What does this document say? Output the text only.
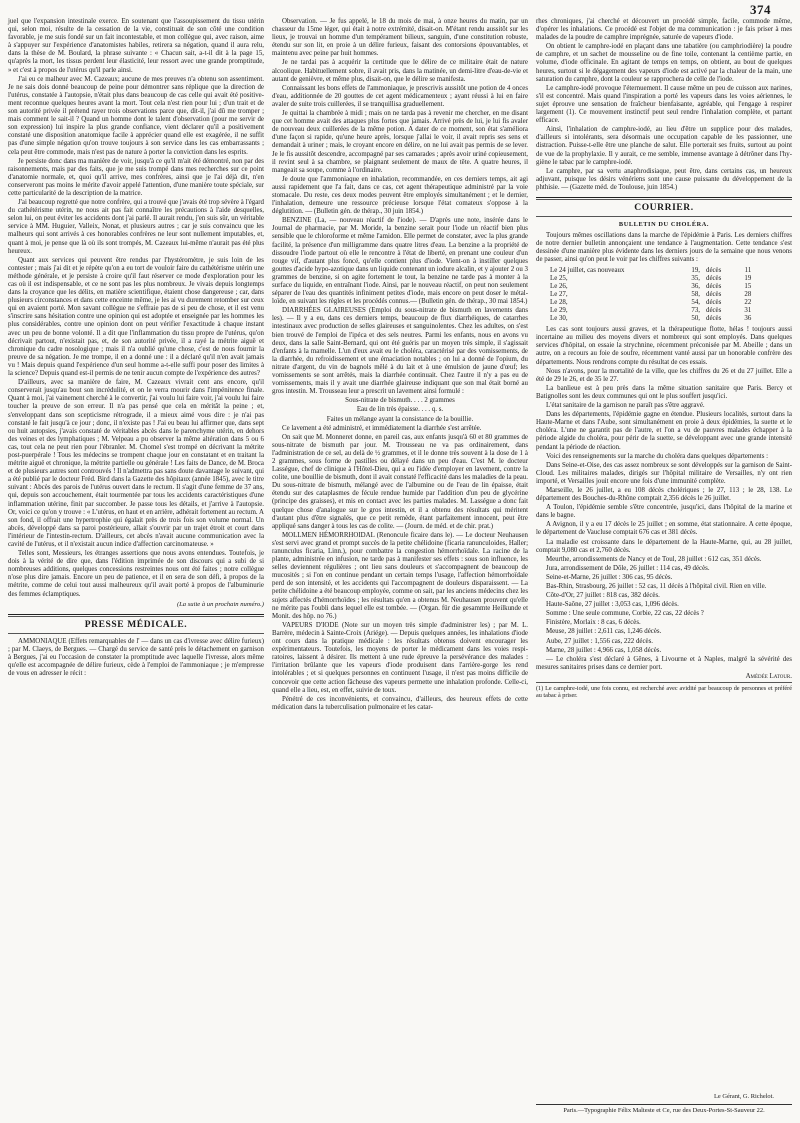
374

juel que l'expansion intestinale exerce. En soutenant que l'assoupissement du tissu utérin qui, selon moi, résulte de la cessation de la vie, constituait de son côté une condition favorable, je me suis fondé sur un fait incontestable, et mon collègue qui, avec raison, aime à s'appuyer sur l'expérience d'anatomistes habiles, retirera sa négation, quand il aura relu, dans la thèse de M. Boulard, la phrase suivante : « Chacun sait, a-t-il dit à la page 15, qu'après la mort, les tissus perdent leur élasticité, leur ressort avec une grande promptitude, » et c'est à propos de l'utérus qu'il parle ainsi.

J'ai eu ce malheur avec M. Cazeaux; aucune de mes preuves n'a obtenu son assentiment. Je ne sais dois donné beaucoup de peine pour démontrer sans réplique que la direction de l'utérus, constatée à l'autopsie, n'était plus dans beaucoup de cas celle qui avait été positivement reconnue quelques heures avant la mort. Tout cela n'est rien pour lui ; d'un trait et de son autorité privée il prétend rayer trois observations parce que, dit-il, j'ai dû me tromper ; mais comment le sait-il ? Quand un homme dont le talent d'observation (pour me servir de son expression) lui inspire la plus grande confiance, vient déclarer qu'il a positivement constaté une disposition anatomique facile à apprécier quand elle est exagérée, il ne suffit pas d'une simple négation qu'on trouve toujours à son service dans les cas embarrassants ; cela peut être commode, mais n'est pas de nature à porter la conviction dans les esprits.

Je persiste donc dans ma manière de voir, jusqu'à ce qu'il m'ait été démontré, non par des raisonnements, mais par des faits, que je me suis trompé dans mes recherches sur ce point d'anatomie normale, et, quoi qu'il arrive, mes confrères, ainsi que je l'ai déjà dit, n'en conserveront pas moins le mérite d'avoir appelé l'attention, d'une manière toute spéciale, sur cette particularité de la description de la matrice.

J'ai beaucoup regretté que notre confrère, qui a trouvé que j'avais été trop sévère à l'égard du cathétérisme utérin, ne nous ait pas fait connaître les précautions à l'aide desquelles, selon lui, on peut éviter les accidents dont j'ai parlé. Il aurait rendu, j'en suis sûr, un véritable service à MM. Huguier, Valleix, Nonat, et plusieurs autres ; car je suis convaincu que les malheurs qui sont arrivés à ces honorables confrères ne leur sont nullement imputables, et, quant à moi, je pense que là où ils sont trompés, M. Cazeaux lui-même n'aurait pas été plus heureux.

Quant aux services qui peuvent être rendus par l'hystéromètre, je suis loin de les contester ; mais j'ai dit et je répète qu'on a eu tort de vouloir faire du cathétérisme utérin une méthode générale, et je persiste à croire qu'il faut réserver ce mode d'exploration pour les cas où il est indispensable, et ce ne sont pas les plus nombreux. Je vivais depuis longtemps dans la croyance que les délits, en matière scientifique, étaient chose dangereuse ; car, dans plusieurs circonstances et dans cette enceinte même, je les ai vu durement retomber sur ceux qui en avaient porté. Mon savant collègue ne s'effraie pas de si peu de chose, et il est venu s'inscrire sans hésitation contre une opinion qui est adoptée et enseignée par les hommes les plus considérables, contre une opinion dont on peut vérifier l'exactitude à chaque instant avec un peu de bonne volonté. Il a dit que l'inflammation du tissu propre de l'utérus, qu'on décrivait partout, n'existait pas, et, de son autorité privée, il a rayé la métrite aiguë et chronique du cadre nosologique ; mais il n'a oublié qu'une chose, c'est de nous fournir la preuve de sa négation. Je me trompe, il en a donné une : il a déclaré qu'il n'en avait jamais vu ! Mais depuis quand l'expérience d'un seul homme a-t-elle suffi pour poser des limites à la science? Depuis quand est-il permis de ne tenir aucun compte de l'expérience des autres?

D'ailleurs, avec sa manière de faire, M. Cazeaux vivrait cent ans encore, qu'il conserverait jusqu'au bout son incrédulité, et on le verra mourir dans l'impénitence finale. Quant à moi, j'ai vainement cherché à le convertir, j'ai voulu lui faire voir, j'ai voulu lui faire toucher la preuve de son erreur. Il n'a pas pensé que cela en méritât la peine ; et, s'enveloppant dans son scepticisme rétrograde, il a mieux aimé vous dire : je n'ai pas constaté le fait jusqu'à ce jour ; donc, il n'existe pas ! J'ai eu beau lui affirmer que, dans sept ou huit autopsies, j'avais constaté de véritables abcès dans le parenchyme utérin, en dehors des veines et des lymphatiques ; M. Velpeau a pu observer la même altération dans 5 ou 6 cas, tout cela ne peut rien pour l'ébranler. M. Chomel s'est trompé en décrivant la métrite post-puerpérale ! Tous les médecins se trompent chaque jour en constatant et en traitant la métrite aiguë et chronique, la métrite partielle ou générale ! Les faits de Dance, de M. Broca et de plusieurs autres sont controuvés ! Il n'admettra pas sans doute davantage le suivant, qui a été publié par le docteur Fréd. Bird dans la Gazette des hôpitaux (année 1845), avec le titre suivant : Abcès des parois de l'utérus ouvert dans le rectum. Il s'agit d'une femme de 37 ans, qui, depuis son accouchement, était tourmentée par tous les accidents caractéristiques d'une inflammation utérine, finit par succomber. Je passe tous les détails, et j'arrive à l'autopsie. Or, voici ce qu'on y trouve : « L'utérus, en haut et en arrière, adhérait fortement au rectum. A son fond, il offrait une hypertrophie qui égalait près de trois fois son volume normal. Un abcès, développé dans sa paroi postérieure, allait s'ouvrir par un trajet étroit et court dans l'intérieur de l'intestin-rectum. D'ailleurs, cet abcès n'avait aucune communication avec la cavité de l'utérus, et il n'existait aucun indice d'affection carcinomateuse. »

Telles sont, Messieurs, les étranges assertions que nous avons entendues. Toutefois, je dois à la vérité de dire que, dans l'édition imprimée de son discours qui a subi de si nombreuses additions, quelques concessions restreintes nous ont été faites ; notre collègue n'ose plus dire jamais. Encore un peu de patience, et il en sera de son défi, à propos de la métrite, comme de celui tout aussi malheureux qu'il avait porté à propos de l'albuminurie des femmes éclamptiques.

(La suite à un prochain numéro.)
PRESSE MÉDICALE.

AMMONIAQUE (Effets remarquables de l' — dans un cas d'ivresse avec délire furieux) ; par M. Claeys, de Bergues. — Chargé du service de santé près le détachement en garnison à Bergues, j'ai eu l'occasion de constater la promptitude avec laquelle l'ivresse, alors même qu'elle est accompagnée de délire furieux, cède à l'emploi de l'ammoniaque ; je m'empresse de vous en adresser le récit :

Observation. — Je fus appelé, le 18 du mois de mai, à onze heures du matin, par un chasseur du 15me léger, qui était à notre extrémité, disait-on. M'étant rendu aussitôt sur les lieux, je trouvai un homme d'un tempérament bilieux, sanguin, d'une constitution robuste, étendu sur son lit, en proie à un délire furieux, faisant des contorsions épouvantables, et maintenu avec peine par huit hommes.

Je ne tardai pas à acquérir la certitude que le délire de ce militaire était de nature alcoolique. Habituellement sobre, il avait pris, dans la matinée, un demi-litre d'eau-de-vie et autant de genièvre, et même plus, disait-on, que le délire se manifesta.

Connaissant les bons effets de l'ammoniaque, je prescrivis aussitôt une potion de 4 onces d'eau, additionnée de 20 gouttes de cet agent médicamenteux ; ayant réussi à lui en faire avaler de suite trois cuillerées, il se tranquillisa graduellement.

Je quittai la chambrée à midi ; mais on ne tarda pas à revenir me chercher, en me disant que cet homme avait des attaques plus fortes que jamais. Arrivé près de lui, je lui fis avaler de nouveau deux cuillerées de la même potion. A dater de ce moment, son état s'améliora d'une façon si rapide, qu'une heure après, lorsque j'allai le voir, il avait repris ses sens et demandait à uriner ; mais, le croyant encore en délire, on ne lui avait pas permis de se lever. Je le fis aussitôt descendre, accompagné par ses camarades ; après avoir uriné copieusement, il revint seul à sa chambre, se plaignant seulement de maux de tête. A quatre heures, il mangeait sa soupe, comme à l'ordinaire.

Je doute que l'ammoniaque en inhalation, recommandée, en ces derniers temps, ait agi aussi rapidement que l'a fait, dans ce cas, cet agent thérapeutique administré par la voie stomacale. Du reste, ces deux modes peuvent être employés simultanément ; et le dernier, l'inhalation, demeure une ressource précieuse lorsque l'état comateux s'oppose à la déglutition. — (Bulletin gén. de thérap., 30 juin 1854.)

BENZINE (La, — nouveau réactif de l'iode). — D'après une note, insérée dans le Journal de pharmacie, par M. Moride, la benzine serait pour l'iode un réactif bien plus sensible que le chloroforme et même l'amidon. Elle permet de constater, avec la plus grande facilité, la présence d'un milligramme dans quatre litres d'eau. La benzine a la propriété de dissoudre l'iode partout où elle le rencontre à l'état de liberté, en prenant une couleur d'un rouge vif, d'autant plus foncé, qu'elle contient plus d'iode. Vient-on à instiller quelques gouttes d'acide hypo-azotique dans un liquide contenant un iodure alcalin, et y ajouter 2 ou 3 grammes de benzine, si on agite fortement le tout, la benzine ne tarde pas à monter à la surface du liquide, en entraînant l'iode. Ainsi, par le nouveau réactif, on peut non seulement séparer de l'eau des quantités infiniment petites d'iode, mais encore on peut doser le métalloïde, en suivant les règles et les procédés connus.— (Bulletin gén. de thérap., 30 mai 1854.)

DIARRHÉES GLAIREUSES (Emploi du sous-nitrate de bismuth en lavements dans les). — Il y a eu, dans ces derniers temps, beaucoup de flux diarrhéiques, de catarrhes intestinaux avec production de selles glaireuses et sanguinolentes. Chez les adultes, on s'est bien trouvé de l'emploi de l'ipéca et des sels neutres. Parmi les enfants, nous en avons vu deux, dans la salle Saint-Bernard, qui ont été guéris par un moyen très simple, il s'agissait d'enfants à la mamelle. L'un d'eux avait eu le choléra, caractérisé par des vomissements, de la diarrhée, du refroidissement et une émaciation notables ; on lui a donné de l'opium, du nitrate d'argent, du vin de bagnols mêlé à du lait et à une émulsion de jaune d'œuf; les vomissements se sont arrêtés, mais la diarrhée continuait. Chez l'autre il n'y a pas eu de vomissements, mais il y avait une diarrhée glaireuse indiquant que son mal était borné au gros intestin. M. Trousseau leur a prescrit un lavement ainsi formulé :

Sous-nitrate de bismuth. . . . 2 grammes

Eau de lin très épaisse. . . . q. s.

Faites un mélange ayant la consistance de la bouillie.

Ce lavement a été administré, et immédiatement la diarrhée s'est arrêtée.

On sait que M. Monneret donne, en pareil cas, aux enfants jusqu'à 60 et 80 grammes de sous-nitrate de bismuth par jour. M. Trousseau ne va pas ordinairement, dans l'administration de ce sel, au delà de ½ grammes, et il le donne très souvent à la dose de 1 à 2 grammes, sous forme de pastilles ou délayé dans un peu d'eau. C'est M. le docteur Lasségue, chef de clinique à l'Hôtel-Dieu, qui a eu l'idée d'employer en lavement, contre la colite, une bouillie de bismuth, dont il avait constaté l'efficacité dans les maladies de la peau. Du sous-nitrate de bismuth, mélangé avec de l'albumine ou de l'eau de lin épaisse, était étendu sur des cataplasmes de fécule rendue humide par l'addition d'un peu de glycérine (principe des graisses), et mis en contact avec les parties malades. M. Lasségue a donc fait quelque chose d'analogue sur le gros intestin, et il a obtenu des résultats qui méritent d'autant plus d'être signalés, que ce petit remède, étant parfaitement innocent, peut être appliqué sans danger à tous les cas de colite. — (Journ. de méd. et de chir. prat.)

MOLLMEN HÉMORRHOIDAL (Renoncule ficaire dans le). — Le docteur Neuhausen s'est servi avec grand et prompt succès de la petite chélidoine (ficaria ranunculoides, Haller; ranunculus ficaria, Linn.), pour combattre la congestion hémorrhoïdale. La racine de la plante, administrée en infusion, ne tarde pas à manifester ses effets : sous son influence, les selles deviennent régulières ; ont lieu sans douleurs et s'accompagnent de beaucoup de mucosités ; si l'on en continue pendant un certain temps l'usage, l'affection hémorrhoïdale perd de son intensité, et les accidents qui l'accompagnent de douleurs disparaissent. — La petite chélidoine a été beaucoup employée, comme on sait, par les anciens médecins chez les sujets affectés d'hémorrhoïdes ; les résultats qu'en a obtenus M. Neuhausen prouvent qu'elle ne mérite pas l'oubli dans lequel elle est tombée. — (Organ. für die gesammte Heilkunde et Monit. des hôp. no 76.)

VAPEURS D'IODE (Note sur un moyen très simple d'administrer les) ; par M. L. Barrère, médecin à Sainte-Croix (Ariége). — Depuis quelques années, les inhalations d'iode ont cours dans la pratique médicale : les résultats obtenus doivent encourager les expérimentateurs. Toutefois, les moyens de porter le médicament dans les voies respiratoires, laissent à désirer. Ils mettent à une rude épreuve la persévérance des malades : l'irritation brûlante que les vapeurs d'iode produisent dans l'arrière-gorge les rend intolérables ; et si quelques personnes en continuent l'usage, il n'est pas moins difficile de concevoir que cette action fâcheuse des vapeurs permette une inhalation profonde. Celle-ci, quand elle a lieu, est, en effet, suivie de toux.

Pénétré de ces inconvénients, et convaincu, d'ailleurs, des heureux effets de cette médication dans la tuberculisation pulmonaire et les catar-

rhes chroniques, j'ai cherché et découvert un procédé simple, facile, commode même, d'opérer les inhalations. Ce procédé est l'objet de ma communication : je fais priser à mes malades de la poudre de camphre imprégnée, saturée de vapeurs d'iode.

On obtient le camphre-iodé en plaçant dans une tabatière (ou camphriodière) la poudre de camphre, et un sachet de mousseline ou de fine toile, contenant la centième partie, en volume, d'iode officinale. En agitant de temps en temps, on obtient, au bout de quelques heures, surtout si le dégagement des vapeurs d'iode est activé par la chaleur de la main, une saturation du camphre, dont la couleur se rapprochera de celle de l'iode.

Le camphre-iodé provoque l'éternuement. Il cause même un peu de cuisson aux narines, s'il est concentré. Mais quand l'inspiration a porté les vapeurs dans les voies aériennes, le sujet éprouve une sensation de fraîcheur bienfaisante, agréable, qui l'engage à respirer largement (1). Ce mouvement instinctif peut seul rendre l'inhalation complète, et partant efficace.

Ainsi, l'inhalation de camphre-iodé, au lieu d'être un supplice pour des malades, d'ailleurs si intolérants, sera désormais une occupation capable de les passionner, une distraction. Puisse-t-elle être une planche de salut. Elle porterait ses fruits, surtout au point de vue de la prophylaxie. Il y aurait, ce me semble, immense avantage à détrôner dans l'hygiène le tabac par le camphre-iodé.

Le camphre, par sa vertu anaphrodisiaque, peut être, dans certains cas, un heureux adjuvant, puisque les désirs vénériens sont une cause puissante du développement de la phthisie. — (Gazette méd. de Toulouse, juin 1854.)

COURRIER.
BULLETIN DU CHOLÉRA.

Toujours mêmes oscillations dans la marche de l'épidémie à Paris. Les derniers chiffres de notre dernier bulletin annonçaient une tendance à l'augmentation. Cette tendance s'est dessinée d'une manière plus évidente dans les derniers jours de la semaine que nous venons de passer, ainsi qu'on peut le voir par les chiffres suivants :

Le 24 juillet, cas nouveaux	19, décès	11
Le 25,	35, décès	19
Le 26,	36, décès	15
Le 27,	58, décès	28
Le 28,	54, décès	22
Le 29,	73, décès	31
Le 30,	50, décès	36

Les cas sont toujours aussi graves, et la thérapeutique flotte, hélas ! toujours aussi incertaine au milieu des moyens divers et nombreux qui sont employés. Dans quelques services d'hôpital, on essaie la strychnine, récemment préconisée par M. Abeille ; dans un autre, on a recours au foie de soufre, récemment vanté aussi par un honorable confrère des départements. Nous rendrons compte du résultat de ces essais.

Nous n'avons, pour la mortalité de la ville, que les chiffres du 26 et du 27 juillet. Elle a été de 29 le 26, et de 35 le 27.

La banlieue est à peu près dans la même situation sanitaire que Paris. Bercy et Batignolles sont les deux communes qui ont le plus souffert jusqu'ici.

L'état sanitaire de la garnison ne paraît pas s'être aggravé.

Dans les départements, l'épidémie gagne en étendue. Plusieurs localités, surtout dans la Haute-Marne et dans l'Aube, sont simultanément en proie à deux épidémies, la suette et le choléra. L'une ne garantit pas de l'autre, et l'on a vu de pauvres malades échapper à la période algide du choléra, pour périr de la suette, se développant avec une grande intensité pendant la période de réaction.

Voici des renseignements sur la marche du choléra dans quelques départements :

Dans Seine-et-Oise, des cas assez nombreux se sont développés sur la garnison de Saint-Cloud. Les militaires malades, dirigés sur l'hôpital militaire de Versailles, n'y ont rien importé, et Versailles jouit encore une fois d'une immunité complète.

Marseille, le 26 juillet, a eu 108 décès cholériques ; le 27, 113 ; le 28, 138. Le département des Bouches-du-Rhône comptait 2,356 décès le 26 juillet.

A Toulon, l'épidémie semble s'être concentrée, jusqu'ici, dans l'hôpital de la marine et dans le bagne.

A Avignon, il y a eu 17 décès le 25 juillet ; en somme, état stationnaire. A cette époque, le département de Vaucluse comptait 676 cas et 381 décès.

La maladie est croissante dans le département de la Haute-Marne, qui, au 28 juillet, comptait 9,080 cas et 2,760 décès.

Meurthe, arrondissements de Nancy et de Toul, 28 juillet : 612 cas, 351 décès.

Jura, arrondissement de Dôle, 26 juillet : 114 cas, 49 décès.

Seine-et-Marne, 26 juillet : 306 cas, 95 décès.

Bas-Rhin, Strasbourg, 26 juillet : 52 cas, 11 décès à l'hôpital civil. Rien en ville.

Côte-d'Or, 27 juillet : 818 cas, 382 décès.

Haute-Saône, 27 juillet : 3,053 cas, 1,096 décès.

Somme : Une seule commune, Corbie, 22 cas, 22 décès ?

Finistère, Morlaix : 8 cas, 6 décès.

Meuse, 28 juillet : 2,611 cas, 1,246 décès.

Aube, 27 juillet : 1,556 cas, 222 décès.

Marne, 28 juillet : 4,966 cas, 1,058 décès.

— Le choléra s'est déclaré à Gênes, à Livourne et à Naples, malgré la sévérité des mesures sanitaires prises dans ce dernier port.

Amédée Latour.

(1) Le camphre-iodé, une fois connu, est recherché avec avidité par beaucoup de personnes et préféré au tabac à priser.

Le Gérant, G. Richelot.
Paris.—Typographie Félix Malteste et Ce, rue des Deux-Portes-St-Sauveur 22.
